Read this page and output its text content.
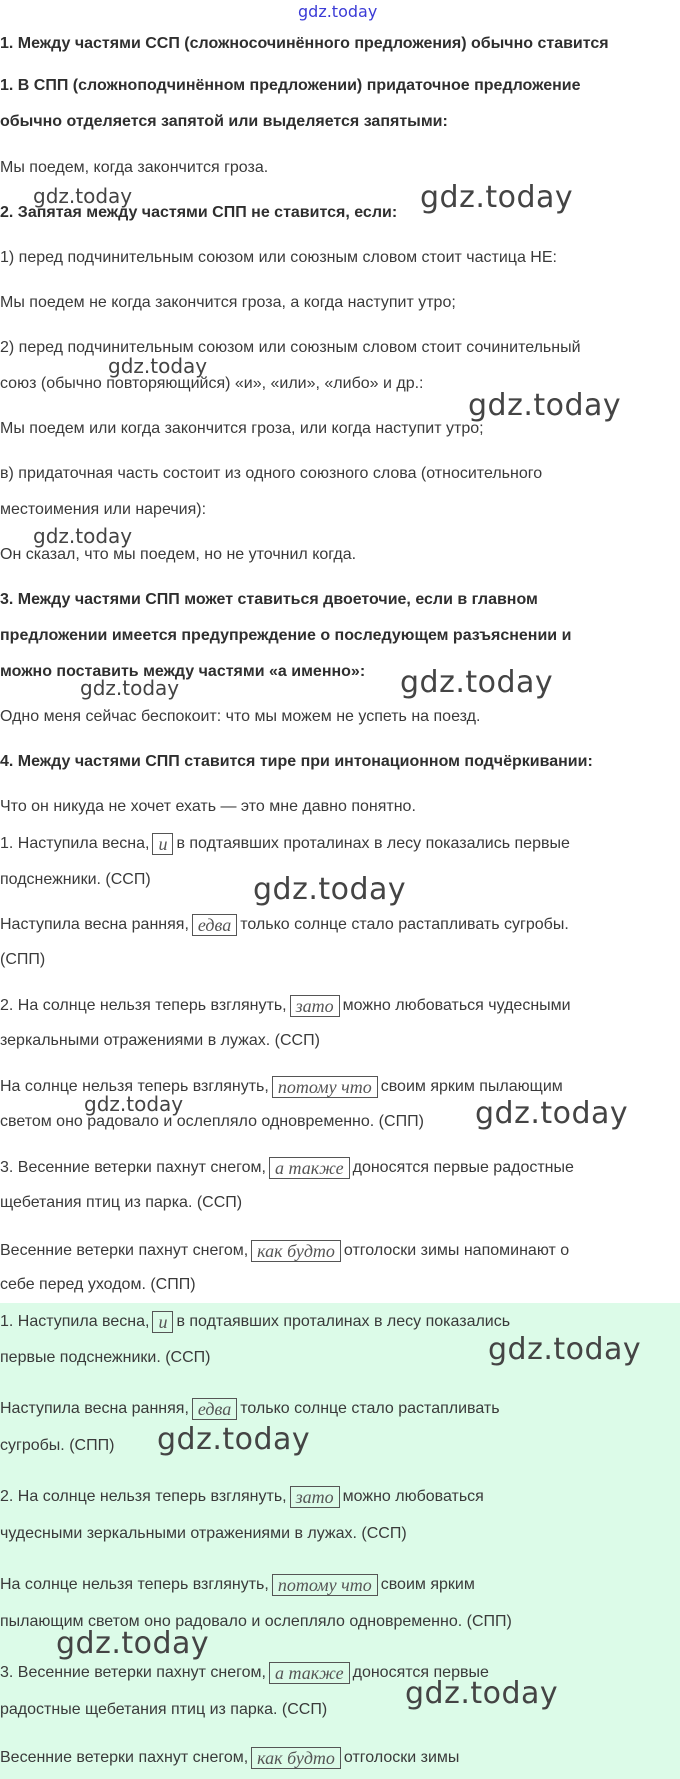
gdz.today
1. Между частями ССП (сложносочинённого предложения) обычно ставится
1. В СПП (сложноподчинённом предложении) придаточное предложение
обычно отделяется запятой или выделяется запятыми:
Мы поедем, когда закончится гроза.
2. Запятая между частями СПП не ставится, если:
1) перед подчинительным союзом или союзным словом стоит частица НЕ:
Мы поедем не когда закончится гроза, а когда наступит утро;
2) перед подчинительным союзом или союзным словом стоит сочинительный
союз (обычно повторяющийся) «и», «или», «либо» и др.:
Мы поедем или когда закончится гроза, или когда наступит утро;
в) придаточная часть состоит из одного союзного слова (относительного
местоимения или наречия):
Он сказал, что мы поедем, но не уточнил когда.
3. Между частями СПП может ставиться двоеточие, если в главном
предложении имеется предупреждение о последующем разъяснении и
можно поставить между частями «а именно»:
Одно меня сейчас беспокоит: что мы можем не успеть на поезд.
4. Между частями СПП ставится тире при интонационном подчёркивании:
Что он никуда не хочет ехать — это мне давно понятно.
1. Наступила весна, и в подтаявших проталинах в лесу показались первые
подснежники. (ССП)
Наступила весна ранняя, едва только солнце стало растапливать сугробы.
(СПП)
2. На солнце нельзя теперь взглянуть, зато можно любоваться чудесными
зеркальными отражениями в лужах. (ССП)
На солнце нельзя теперь взглянуть, потому что своим ярким пылающим
светом оно радовало и ослепляло одновременно. (СПП)
3. Весенние ветерки пахнут снегом, а также доносятся первые радостные
щебетания птиц из парка. (ССП)
Весенние ветерки пахнут снегом, как будто отголоски зимы напоминают о
себе перед уходом. (СПП)
1. Наступила весна, и в подтаявших проталинах в лесу показались
первые подснежники. (ССП)
Наступила весна ранняя, едва только солнце стало растапливать
сугробы. (СПП)
2. На солнце нельзя теперь взглянуть, зато можно любоваться
чудесными зеркальными отражениями в лужах. (ССП)
На солнце нельзя теперь взглянуть, потому что своим ярким
пылающим светом оно радовало и ослепляло одновременно. (СПП)
3. Весенние ветерки пахнут снегом, а также доносятся первые
радостные щебетания птиц из парка. (ССП)
Весенние ветерки пахнут снегом, как будто отголоски зимы
gdz.today	gdz.today
gdz.today
gdz.today
gdz.today
gdz.today
gdz.today
gdz.today
gdz.today	gdz.today
gdz.today
gdz.today
gdz.today
gdz.today
